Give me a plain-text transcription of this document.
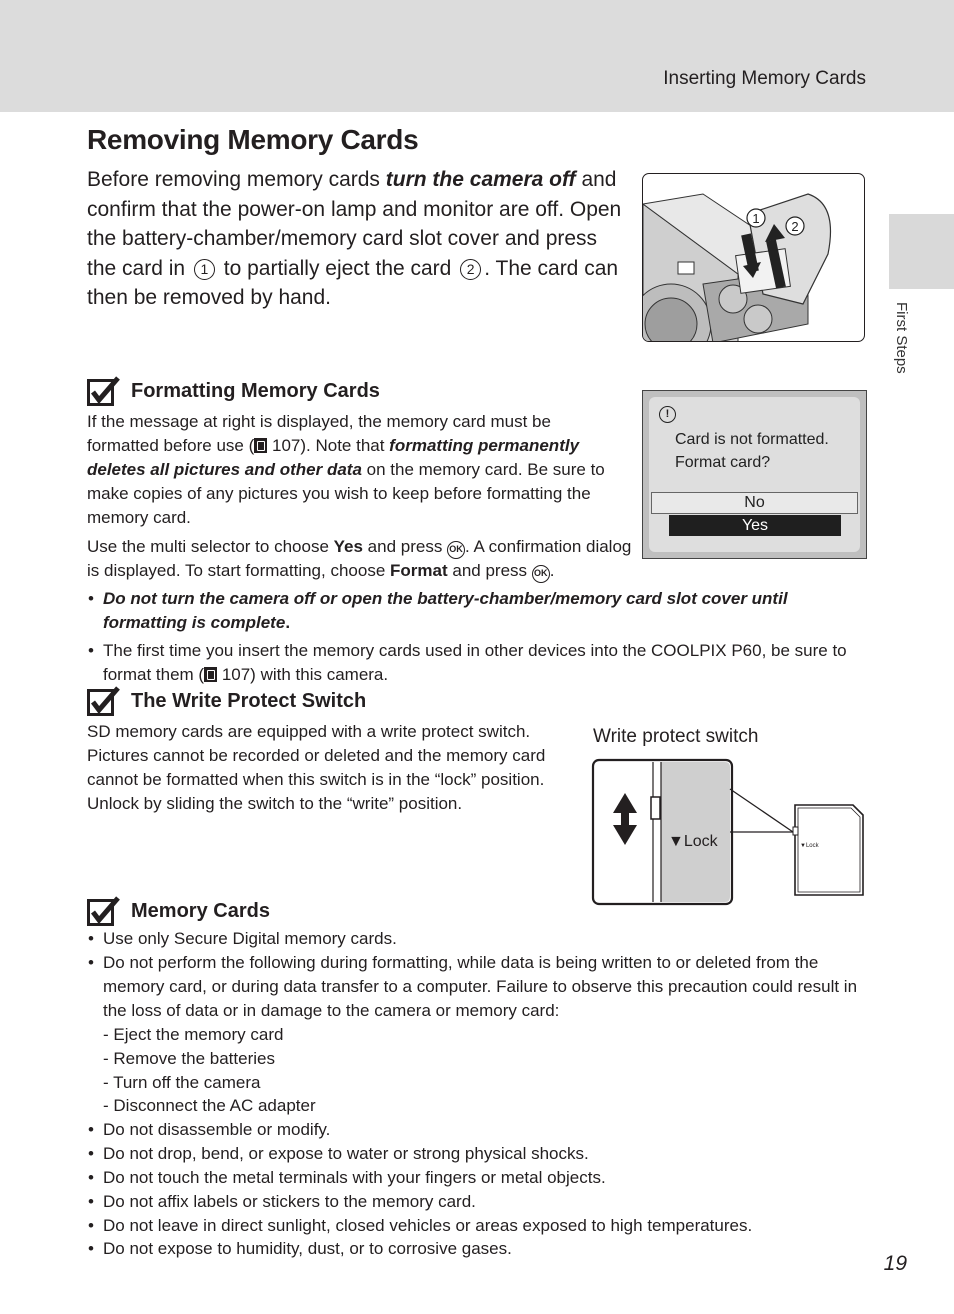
Inserting Memory Cards
First Steps
Removing Memory Cards

Before removing memory cards turn the camera off and confirm that the power-on lamp and monitor are off. Open the battery-chamber/memory card slot cover and press the card in 1 to partially eject the card 2 . The card can then be removed by hand.

1
2
Formatting Memory Cards

If the message at right is displayed, the memory card must be formatted before use ( 107). Note that formatting permanently deletes all pictures and other data on the memory card. Be sure to make copies of any pictures you wish to keep before formatting the memory card.

Use the multi selector to choose Yes and press OK . A confirmation dialog is displayed. To start formatting, choose Format and press OK .

!
Card is not formatted.
Format card?
No
Yes
• Do not turn the camera off or open the battery-chamber/memory card slot cover until formatting is complete.
• The first time you insert the memory cards used in other devices into the COOLPIX P60, be sure to format them ( 107) with this camera.
The Write Protect Switch

SD memory cards are equipped with a write protect switch. Pictures cannot be recorded or deleted and the memory card cannot be formatted when this switch is in the “lock” position. Unlock by sliding the switch to the “write” position.

Write protect switch
▼Lock	▼Lock
Memory Cards
• Use only Secure Digital memory cards.
• Do not perform the following during formatting, while data is being written to or deleted from the memory card, or during data transfer to a computer. Failure to observe this precaution could result in the loss of data or in damage to the camera or memory card:
- Eject the memory card
- Remove the batteries
- Turn off the camera
- Disconnect the AC adapter
• Do not disassemble or modify.
• Do not drop, bend, or expose to water or strong physical shocks.
• Do not touch the metal terminals with your fingers or metal objects.
• Do not affix labels or stickers to the memory card.
• Do not leave in direct sunlight, closed vehicles or areas exposed to high temperatures.
• Do not expose to humidity, dust, or to corrosive gases.
19
